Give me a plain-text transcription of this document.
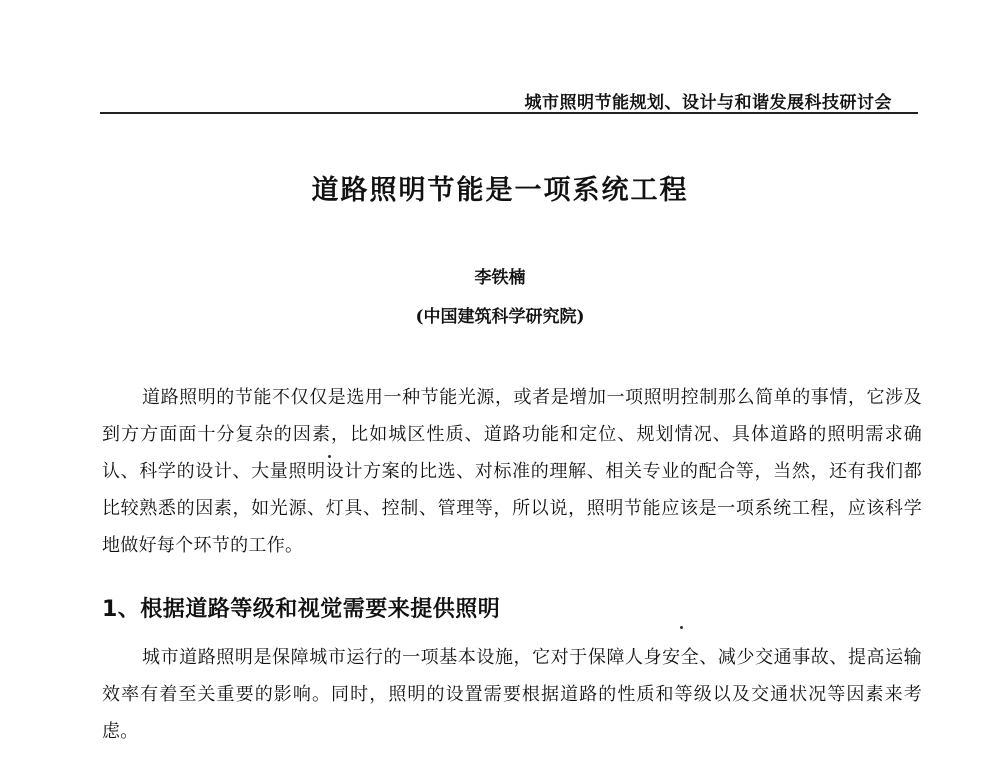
城市照明节能规划、设计与和谐发展科技研讨会
道路照明节能是一项系统工程
李铁楠
(中国建筑科学研究院)

道路照明的节能不仅仅是选用一种节能光源，或者是增加一项照明控制那么简单的事情，它涉及到方方面面十分复杂的因素，比如城区性质、道路功能和定位、规划情况、具体道路的照明需求确认、科学的设计、大量照明设计方案的比选、对标准的理解、相关专业的配合等，当然，还有我们都比较熟悉的因素，如光源、灯具、控制、管理等，所以说，照明节能应该是一项系统工程，应该科学地做好每个环节的工作。

1、根据道路等级和视觉需要来提供照明

城市道路照明是保障城市运行的一项基本设施，它对于保障人身安全、减少交通事故、提高运输效率有着至关重要的影响。同时，照明的设置需要根据道路的性质和等级以及交通状况等因素来考虑。
